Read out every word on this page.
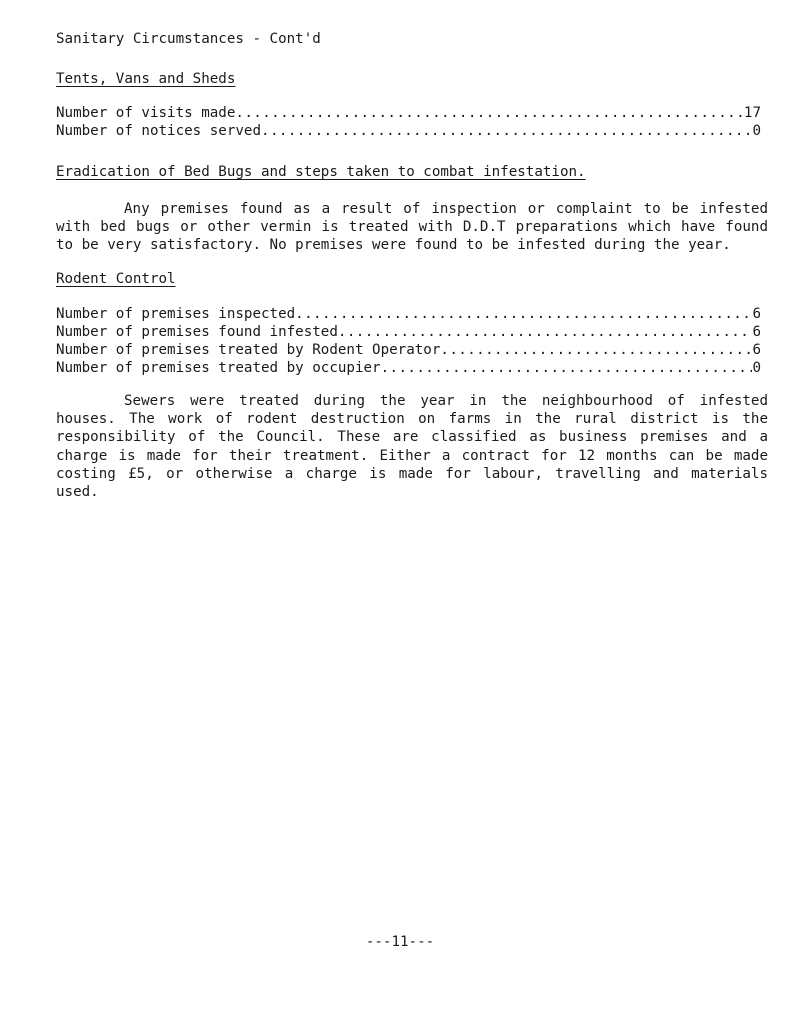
Sanitary Circumstances - Cont'd
Tents, Vans and Sheds
Number of visits made .....	17
Number of notices served .....	0
Eradication of Bed Bugs and steps taken to combat infestation.
Any premises found as a result of inspection or complaint to be infested with bed bugs or other vermin is treated with D.D.T preparations which have found to be very satisfactory. No premises were found to be infested during the year.
Rodent Control
Number of premises inspected .....	6
Number of premises found infested .....	6
Number of premises treated by Rodent Operator .....	6
Number of premises treated by occupier .....	0
Sewers were treated during the year in the neighbourhood of infested houses. The work of rodent destruction on farms in the rural district is the responsibility of the Council. These are classified as business premises and a charge is made for their treatment. Either a contract for 12 months can be made costing £5, or otherwise a charge is made for labour, travelling and materials used.
---11---
